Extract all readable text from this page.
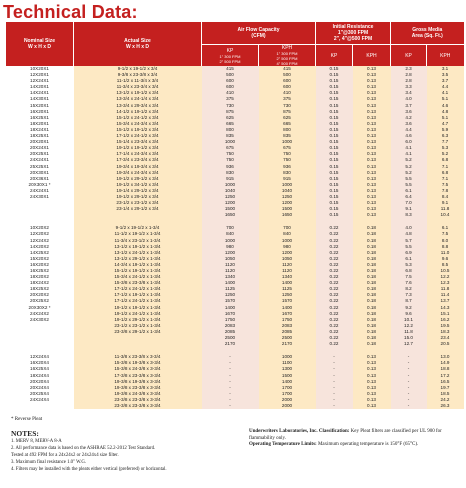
Technical Data:
Nominal Size
W x H x D	Actual Size
W x H x D	Air Flow Capacity
(CFM)		Initial Resistance
1"@300 FPM
2", 4"@500 FPM		Gross Media
Area (Sq. Ft.)	
		KP
1" 300 FPM
2" 500 FPM	KPH
1" 300 FPM
2" 500 FPM
4" 500 FPM	KP	KPH	KP	KPH
10X20X1	9-1/2 x 19-1/2 x 3/4	415	415	0.15	0.13	2.3	3.1
12X20X1	9-3/8 x 23-3/8 x 3/4	500	500	0.15	0.13	2.8	3.5
12X24X1	11-1/2 x 11-3/4 x 3/4	600	600	0.15	0.13	2.8	3.7
14X20X1	11-3/4 x 23-3/4 x 3/4	600	600	0.15	0.13	3.3	4.4
14X24X1	13-1/2 x 19-1/2 x 3/4	410	410	0.15	0.13	3.4	4.1
14X30X1	13-3/4 x 24-1/4 x 3/4	375	375	0.15	0.13	4.0	5.1
15X20X1	13-3/4 x 29-3/4 x 3/4	730	730	0.15	0.13	3.7	4.6
16X20X1	14-1/2 x 19-1/2 x 3/4	875	875	0.15	0.13	3.6	4.8
16X25X1	15-1/2 x 24-1/2 x 3/4	625	625	0.15	0.13	4.2	5.1
18X20X1	15-3/4 x 24-3/4 x 3/4	665	665	0.15	0.13	3.6	4.7
18X24X1	15-1/2 x 19-1/2 x 3/4	800	800	0.15	0.13	4.4	5.9
18X25X1	17-1/2 x 24-1/2 x 3/4	835	835	0.15	0.13	4.6	6.3
20X20X1	15-1/4 x 23-3/4 x 3/4	1000	1000	0.15	0.13	6.0	7.7
20X24X1	19-1/2 x 19-1/2 x 3/4	675	675	0.15	0.13	4.1	5.3
20X25X1	17-1/4 x 24-3/4 x 3/4	750	750	0.15	0.13	4.1	5.2
24X24X1	17-3/4 x 23-3/4 x 3/4	750	750	0.15	0.13	5.2	6.8
25X25X1	19-3/4 x 19-3/4 x 3/4	936	936	0.15	0.13	5.2	7.1
20X30X1	19-3/4 x 24-3/4 x 3/4	830	830	0.15	0.13	5.2	6.8
20X36X1	19-1/2 x 29-1/2 x 3/4	915	915	0.15	0.13	5.5	7.1
20X30X1 *	19-1/2 x 34-1/2 x 3/4	1000	1000	0.15	0.13	5.5	7.5
24X24X1	19-1/4 x 29-1/2 x 3/4	1040	1040	0.15	0.13	6.1	7.8
24X30X1	19-1/2 x 29-1/2 x 3/4	1250	1250	0.15	0.13	6.4	8.4
	23-1/2 x 23-1/2 x 3/4	1200	1200	0.15	0.13	7.0	9.1
	23-1/4 x 29-1/2 x 3/4	1500	1500	0.15	0.13	9.1	11.8
		1650	1650	0.15	0.13	8.3	10.4

10X20X2	9-1/2 x 19-1/2 x 1-3/4	700	700	0.22	0.18	4.0	6.1
12X20X2	11-1/2 x 19-1/2 x 1-3/4	840	840	0.22	0.18	4.8	7.5
12X24X2	11-3/4 x 23-1/2 x 1-3/4	1000	1000	0.22	0.18	5.7	8.0
14X20X2	13-1/2 x 19-1/2 x 1-3/4	980	980	0.22	0.18	5.5	8.8
14X25X2	13-1/2 x 24-1/2 x 1-3/4	1200	1200	0.22	0.18	6.9	11.0
15X20X2	13-1/2 x 29-1/2 x 1-3/4	1050	1050	0.22	0.18	6.1	9.6
16X20X2	14-3/4 x 19-1/2 x 1-3/4	1120	1120	0.22	0.18	5.3	8.5
16X25X2	15-1/2 x 19-1/2 x 1-3/4	1120	1120	0.22	0.18	6.8	10.5
18X20X2	15-3/4 x 24-1/2 x 1-3/4	1340	1340	0.22	0.18	7.5	12.2
18X24X2	15-3/8 x 23-3/8 x 1-3/4	1400	1400	0.22	0.18	7.6	12.3
18X25X2	17-1/2 x 24-1/2 x 1-3/4	1125	1125	0.22	0.18	8.2	11.8
20X20X2	17-1/2 x 19-1/2 x 1-3/4	1250	1250	0.22	0.18	7.3	11.4
20X25X2	17-1/2 x 24-1/2 x 1-3/4	1570	1570	0.22	0.18	8.7	13.7
20X30X2 *	19-1/2 x 19-1/2 x 1-3/4	1400	1400	0.22	0.18	9.2	14.3
24X24X2	19-1/2 x 24-1/2 x 1-3/4	1670	1670	0.22	0.18	9.6	15.1
24X30X2	19-1/2 x 29-1/2 x 1-3/4	1750	1750	0.22	0.18	10.1	16.2
	23-1/2 x 23-1/2 x 1-3/4	2083	2083	0.22	0.18	12.2	19.5
	23-3/8 x 29-1/2 x 1-3/4	2085	2085	0.22	0.18	11.8	18.3
		2500	2500	0.22	0.18	15.0	23.4
		2170	2170	0.22	0.18	12.7	20.5

12X24X4	11-3/8 x 23-3/8 x 3-3/4	-	1000	-	0.13	-	13.0
16X20X4	15-3/8 x 19-3/8 x 3-3/4	-	1100	-	0.13	-	14.9
16X25X4	15-3/8 x 24-3/8 x 3-3/4	-	1300	-	0.13	-	18.8
18X24X4	17-3/8 x 23-3/8 x 3-3/4	-	1500	-	0.13	-	17.2
20X20X4	19-3/8 x 19-3/8 x 3-3/4	-	1400	-	0.13	-	16.5
20X24X4	19-3/8 x 23-3/8 x 3-3/4	-	1700	-	0.13	-	19.7
20X25X4	19-3/8 x 24-3/8 x 3-3/4	-	1700	-	0.13	-	18.5
24X24X4	23-3/8 x 23-3/8 x 3-3/4	-	2000	-	0.13	-	24.2
	23-3/8 x 23-3/8 x 3-3/4	-	2000	-	0.13	-	26.3
* Reverse Pleat
NOTES:
1. MERV 8, MERV-A 8-A
2. All performance data is based on the ASHRAE 52.2-2012 Test Standard.
Tested at 492 FPM for a 24x24x2 or 24x24x4 size filter.
3. Maximum final resistance 1.0" W.G.
4. Filters may be installed with the pleats either vertical (preferred) or horizontal.
Underwriters Laboratories, Inc. Classification: Key Pleat filters are classified per UL 900 for flammability only.
Operating Temperature Limits: Maximum operating temperature is 150°F (65°C).
